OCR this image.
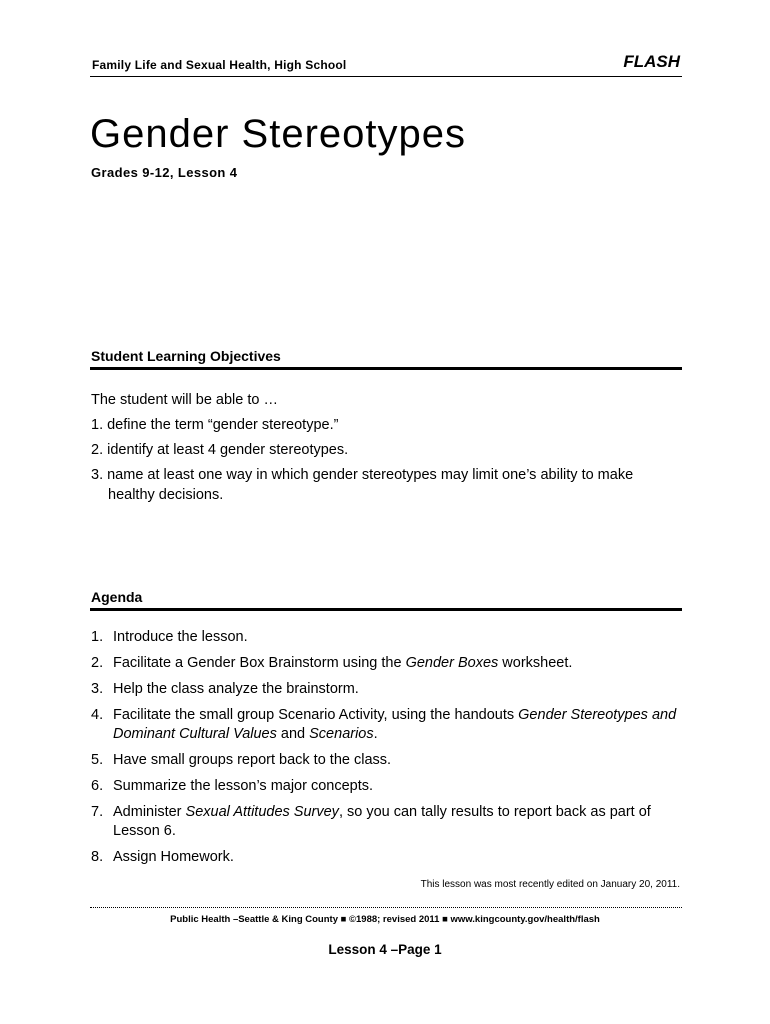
Family Life and Sexual Health, High School	FLASH
Gender Stereotypes
Grades 9-12, Lesson 4
Student Learning Objectives
The student will be able to …
1. define the term “gender stereotype.”
2. identify at least 4 gender stereotypes.
3. name at least one way in which gender stereotypes may limit one’s ability to make
healthy decisions.
Agenda
1. Introduce the lesson.
2. Facilitate a Gender Box Brainstorm using the Gender Boxes worksheet.
3. Help the class analyze the brainstorm.
4. Facilitate the small group Scenario Activity, using the handouts Gender Stereotypes and Dominant Cultural Values and Scenarios.
5. Have small groups report back to the class.
6. Summarize the lesson’s major concepts.
7. Administer Sexual Attitudes Survey, so you can tally results to report back as part of Lesson 6.
8. Assign Homework.
This lesson was most recently edited on January 20, 2011.
Public Health –Seattle & King County ■ ©1988; revised 2011 ■ www.kingcounty.gov/health/flash
Lesson 4 –Page 1
